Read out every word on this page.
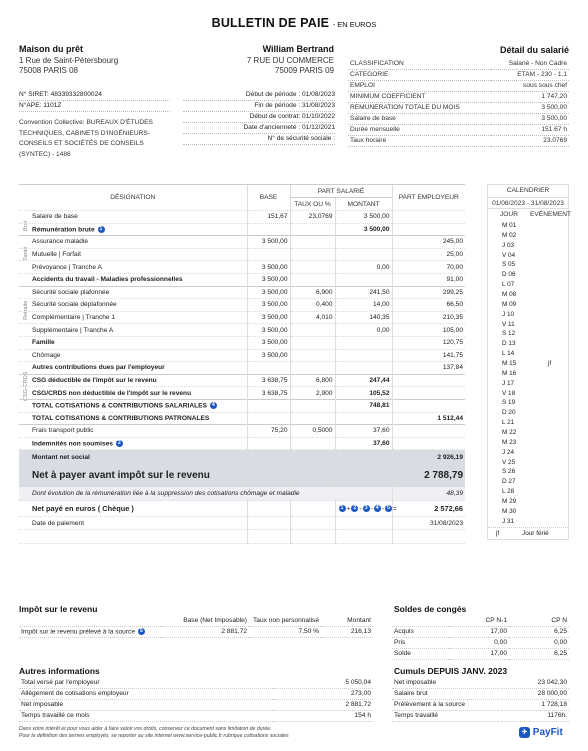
BULLETIN DE PAIE - EN EUROS
Maison du prêt
1 Rue de Saint-Pétersbourg
75008 PARIS 08
William Bertrand
7 RUE DU COMMERCE
75009 PARIS 09
N° SIRET: 48339332800024
N°APE: 1101Z
Convention Collective: BUREAUX D'ÉTUDES TECHNIQUES, CABINETS D'INGÉNIEURS-CONSEILS ET SOCIÉTÉS DE CONSEILS (SYNTEC) - 1486
Début de période : 01/08/2023
Fin de période : 31/08/2023
Début de contrat: 01/10/2022
Date d'ancienneté : 01/12/2021
N° de sécurité sociale :
Détail du salarié
CLASSIFICATION	Salarié - Non Cadre
CATEGORIE	ETAM - 230 - 1.1
EMPLOI	sous sous chef
MINIMUM COEFFICIENT	1 747,20
REMUNERATION TOTALE DU MOIS	3 500,00
Salaire de base	3 500,00
Durée mensuelle	151.67 h
Taux horaire	23.0769
Brut
Santé
Retraite
CSG-CRDS
DÉSIGNATION	BASE	PART SALARIÉ		PART EMPLOYEUR
		TAUX OU %	MONTANT	
Salaire de base	151,67	23,0769	3 500,00	
Rémunération brute 1			3 500,00	
Assurance maladie	3 500,00			245,00
Mutuelle | Forfait				25,00
Prévoyance | Tranche A	3 500,00		0,00	70,00
Accidents du travail - Maladies professionnelles	3 500,00			91,00
Sécurité sociale plafonnée	3 500,00	6,900	241,50	299,25
Sécurité sociale déplafonnée	3 500,00	0,400	14,00	66,50
Complémentaire | Tranche 1	3 500,00	4,010	140,35	210,35
Supplémentaire | Tranche A	3 500,00		0,00	105,00
Famille	3 500,00			120,75
Chômage	3 500,00			141,75
Autres contributions dues par l'employeur				137,84
CSG déductible de l'impôt sur le revenu	3 638,75	6,800	247,44	
CSG/CRDS non déductible de l'impôt sur le revenu	3 638,75	2,900	105,52	
TOTAL COTISATIONS & CONTRIBUTIONS SALARIALES 4			748,81	
TOTAL COTISATIONS & CONTRIBUTIONS PATRONALES				1 512,44
Frais transport public	75,20	0,5000	37,60	
Indemnités non soumises 2			37,60	
Montant net social				2 926,19
Net à payer avant impôt sur le revenu				2 788,79
Dont évolution de la rémunération liée à la suppression des cotisations chômage et maladie				48,39
Net payé en euros ( Chèque )			1 + 2 - 3 - 4 - 5 =	2 572,66
Date de paiement				31/08/2023

CALENDRIER
01/08/2023 - 31/08/2023
JOUR EVÉNEMENT
M 01
M 02
J 03
V 04
S 05
D 06
L 07
M 08
M 09
J 10
V 11
S 12
D 13
L 14
M 15	jf
M 16
J 17
V 18
S 19
D 20
L 21
M 22
M 23
J 24
V 25
S 26
D 27
L 28
M 29
M 30
J 31
jf	Jour férié
Impôt sur le revenu
	Base (Net Imposable)	Taux non personnalisé	Montant
Impôt sur le revenu prélevé à la source 5	2 881,72	7,50 %	216,13
Soldes de congés
	CP N-1	CP N
Acquis	17,00	6,25
Pris	0,00	0,00
Solde	17,00	6,25
Autres informations
Total versé par l'employeur	5 050,04
Allègement de cotisations employeur	273,00
Net imposable	2 881,72
Temps travaillé ce mois	154 h
Cumuls DEPUIS JANV. 2023
Net imposable	23 042,30
Salaire brut	28 000,00
Prélèvement à la source	1 728,18
Temps travaillé	1176h.
Dans votre intérêt et pour vous aider à faire valoir vos droits, conservez ce document sans limitation de durée.
Pour la définition des termes employés, se reporter au site internet www.service-public.fr rubrique cotisations sociales	✈ PayFit
